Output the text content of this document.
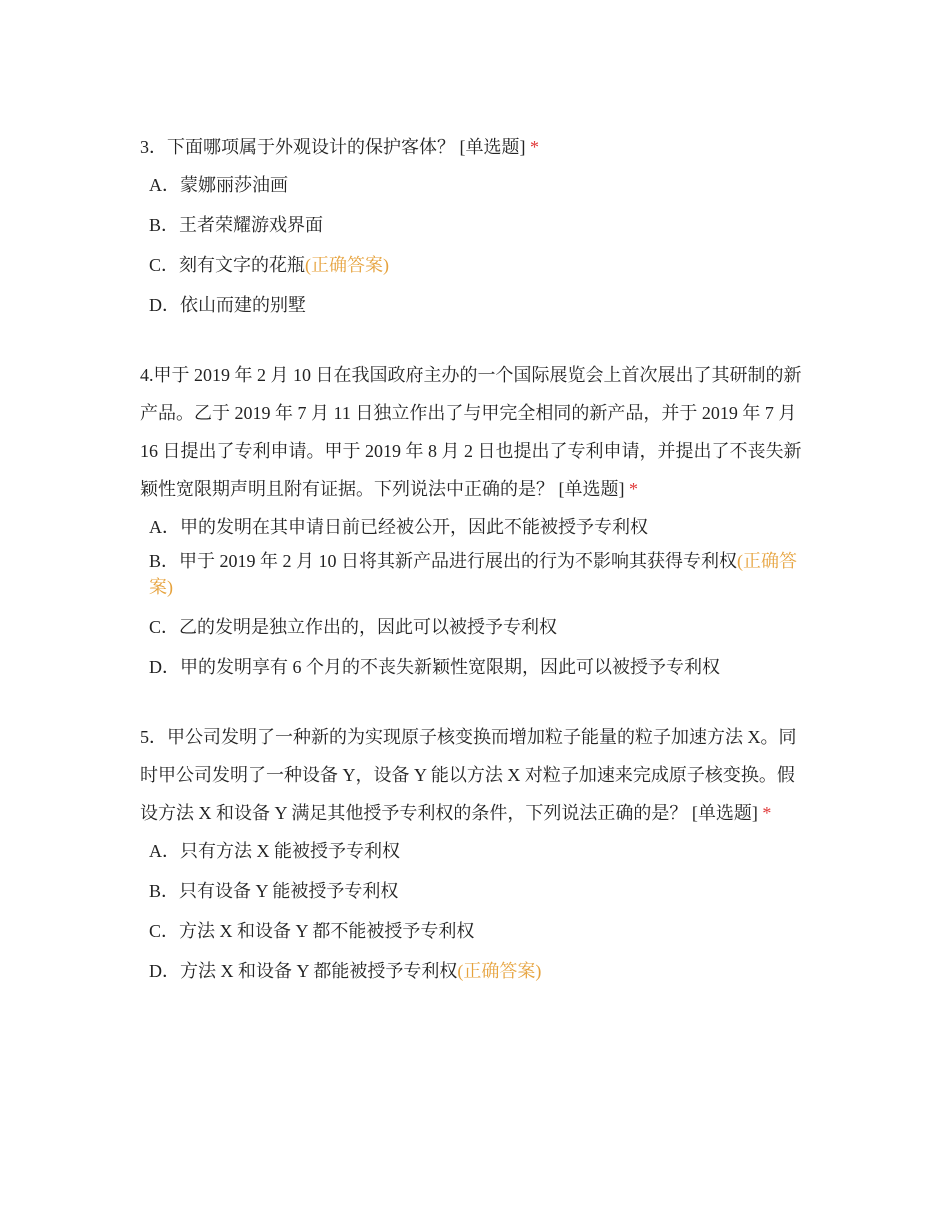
3．下面哪项属于外观设计的保护客体？ [单选题] *

A．蒙娜丽莎油画
B．王者荣耀游戏界面
C．刻有文字的花瓶(正确答案)
D．依山而建的别墅

4.甲于 2019 年 2 月 10 日在我国政府主办的一个国际展览会上首次展出了其研制的新产品。乙于 2019 年 7 月 11 日独立作出了与甲完全相同的新产品，并于 2019 年 7 月 16 日提出了专利申请。甲于 2019 年 8 月 2 日也提出了专利申请，并提出了不丧失新颖性宽限期声明且附有证据。下列说法中正确的是？ [单选题] *

A．甲的发明在其申请日前已经被公开，因此不能被授予专利权
B．甲于 2019 年 2 月 10 日将其新产品进行展出的行为不影响其获得专利权(正确答案)
C．乙的发明是独立作出的，因此可以被授予专利权
D．甲的发明享有 6 个月的不丧失新颖性宽限期，因此可以被授予专利权

5．甲公司发明了一种新的为实现原子核变换而增加粒子能量的粒子加速方法 X。同时甲公司发明了一种设备 Y，设备 Y 能以方法 X 对粒子加速来完成原子核变换。假设方法 X 和设备 Y 满足其他授予专利权的条件，下列说法正确的是？ [单选题] *

A．只有方法 X 能被授予专利权
B．只有设备 Y 能被授予专利权
C．方法 X 和设备 Y 都不能被授予专利权
D．方法 X 和设备 Y 都能被授予专利权(正确答案)
